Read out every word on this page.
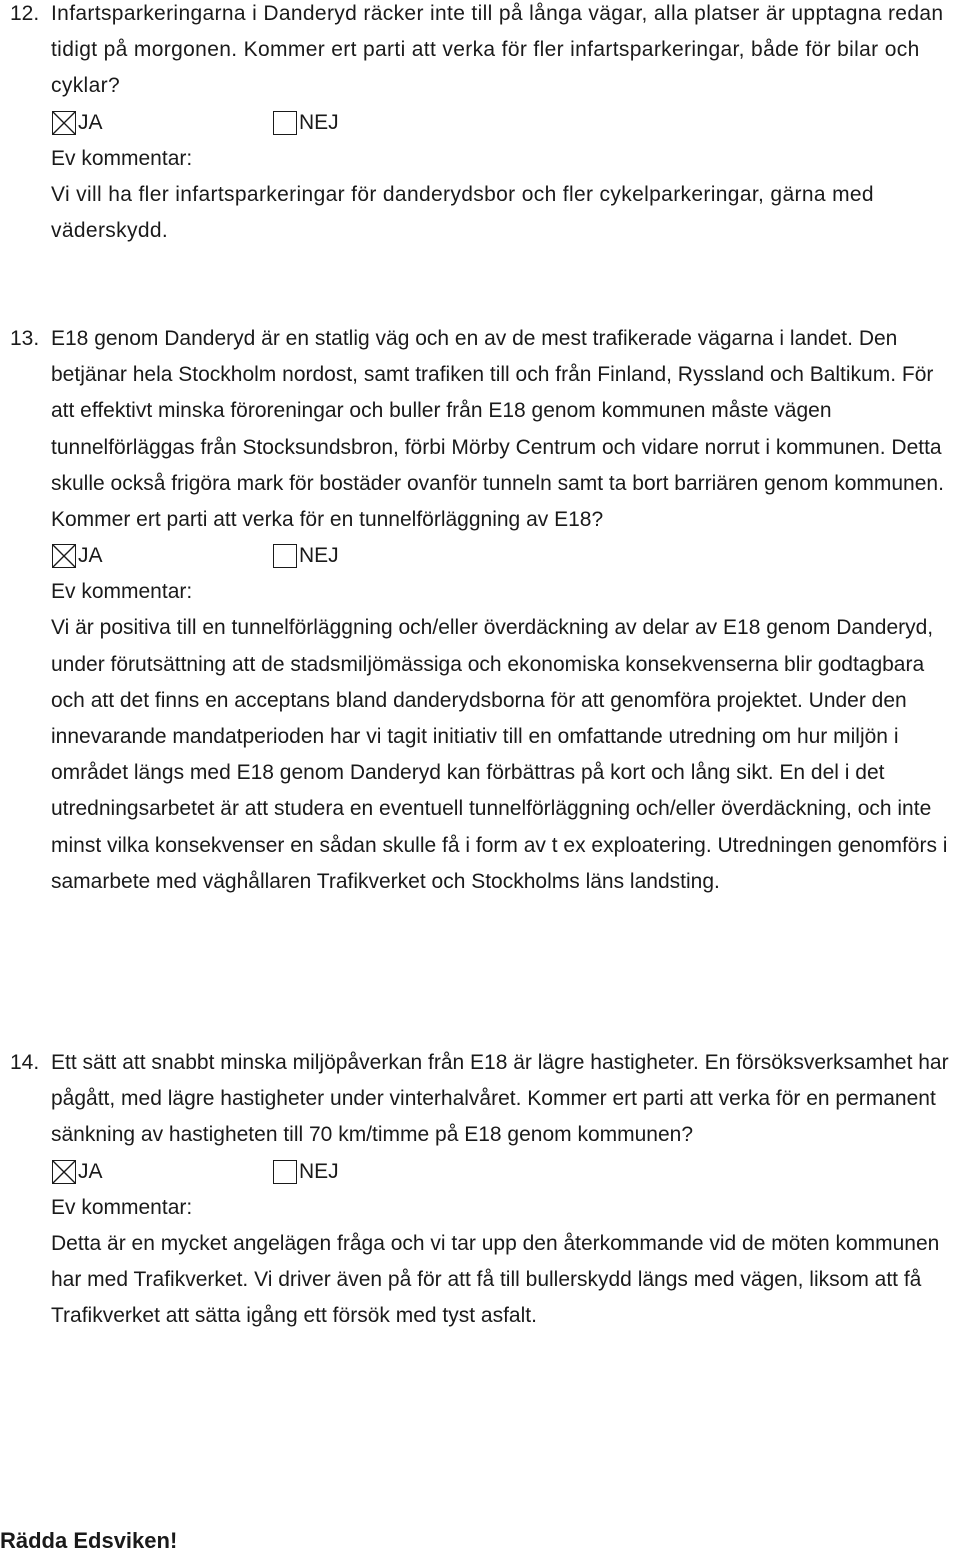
12. Infartsparkeringarna i Danderyd räcker inte till på långa vägar, alla platser är upptagna redan tidigt på morgonen. Kommer ert parti att verka för fler infartsparkeringar, både för bilar och cyklar?
JA	NEJ
Ev kommentar:
Vi vill ha fler infartsparkeringar för danderydsbor och fler cykelparkeringar, gärna med väderskydd.
13. E18 genom Danderyd är en statlig väg och en av de mest trafikerade vägarna i landet. Den betjänar hela Stockholm nordost, samt trafiken till och från Finland, Ryssland och Baltikum. För att effektivt minska föroreningar och buller från E18 genom kommunen måste vägen tunnelförläggas från Stocksundsbron, förbi Mörby Centrum och vidare norrut i kommunen. Detta skulle också frigöra mark för bostäder ovanför tunneln samt ta bort barriären genom kommunen. Kommer ert parti att verka för en tunnelförläggning av E18?
JA	NEJ
Ev kommentar:
Vi är positiva till en tunnelförläggning och/eller överdäckning av delar av E18 genom Danderyd, under förutsättning att de stadsmiljömässiga och ekonomiska konsekvenserna blir godtagbara och att det finns en acceptans bland danderydsborna för att genomföra projektet. Under den innevarande mandatperioden har vi tagit initiativ till en omfattande utredning om hur miljön i området längs med E18 genom Danderyd kan förbättras på kort och lång sikt. En del i det utredningsarbetet är att studera en eventuell tunnelförläggning och/eller överdäckning, och inte minst vilka konsekvenser en sådan skulle få i form av t ex exploatering. Utredningen genomförs i samarbete med väghållaren Trafikverket och Stockholms läns landsting.
14. Ett sätt att snabbt minska miljöpåverkan från E18 är lägre hastigheter. En försöksverksamhet har pågått, med lägre hastigheter under vinterhalvåret. Kommer ert parti att verka för en permanent sänkning av hastigheten till 70 km/timme på E18 genom kommunen?
JA	NEJ
Ev kommentar:
Detta är en mycket angelägen fråga och vi tar upp den återkommande vid de möten kommunen har med Trafikverket. Vi driver även på för att få till bullerskydd längs med vägen, liksom att få Trafikverket att sätta igång ett försök med tyst asfalt.
Rädda Edsviken!
